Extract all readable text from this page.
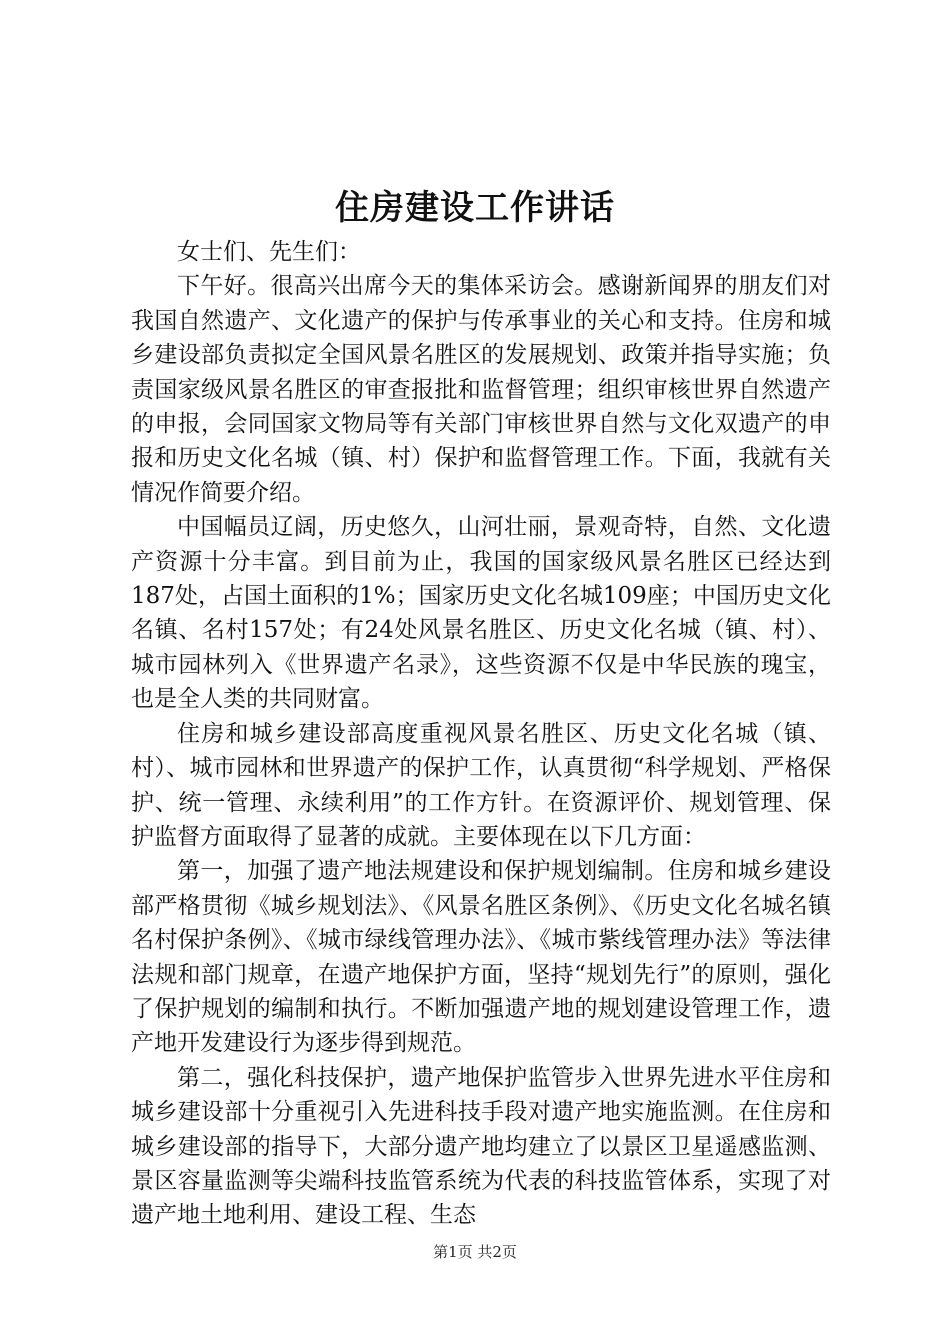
住房建设工作讲话

女士们、先生们：

下午好。很高兴出席今天的集体采访会。感谢新闻界的朋友们对我国自然遗产、文化遗产的保护与传承事业的关心和支持。住房和城乡建设部负责拟定全国风景名胜区的发展规划、政策并指导实施；负责国家级风景名胜区的审查报批和监督管理；组织审核世界自然遗产的申报，会同国家文物局等有关部门审核世界自然与文化双遗产的申报和历史文化名城（镇、村）保护和监督管理工作。下面，我就有关情况作简要介绍。

中国幅员辽阔，历史悠久，山河壮丽，景观奇特，自然、文化遗产资源十分丰富。到目前为止，我国的国家级风景名胜区已经达到187处，占国土面积的1%；国家历史文化名城109座；中国历史文化名镇、名村157处；有24处风景名胜区、历史文化名城（镇、村）、城市园林列入《世界遗产名录》，这些资源不仅是中华民族的瑰宝，也是全人类的共同财富。

住房和城乡建设部高度重视风景名胜区、历史文化名城（镇、村）、城市园林和世界遗产的保护工作，认真贯彻“科学规划、严格保护、统一管理、永续利用”的工作方针。在资源评价、规划管理、保护监督方面取得了显著的成就。主要体现在以下几方面：

第一，加强了遗产地法规建设和保护规划编制。住房和城乡建设部严格贯彻《城乡规划法》、《风景名胜区条例》、《历史文化名城名镇名村保护条例》、《城市绿线管理办法》、《城市紫线管理办法》等法律法规和部门规章，在遗产地保护方面，坚持“规划先行”的原则，强化了保护规划的编制和执行。不断加强遗产地的规划建设管理工作，遗产地开发建设行为逐步得到规范。

第二，强化科技保护，遗产地保护监管步入世界先进水平住房和城乡建设部十分重视引入先进科技手段对遗产地实施监测。在住房和城乡建设部的指导下，大部分遗产地均建立了以景区卫星遥感监测、景区容量监测等尖端科技监管系统为代表的科技监管体系，实现了对遗产地土地利用、建设工程、生态

第1页 共2页
